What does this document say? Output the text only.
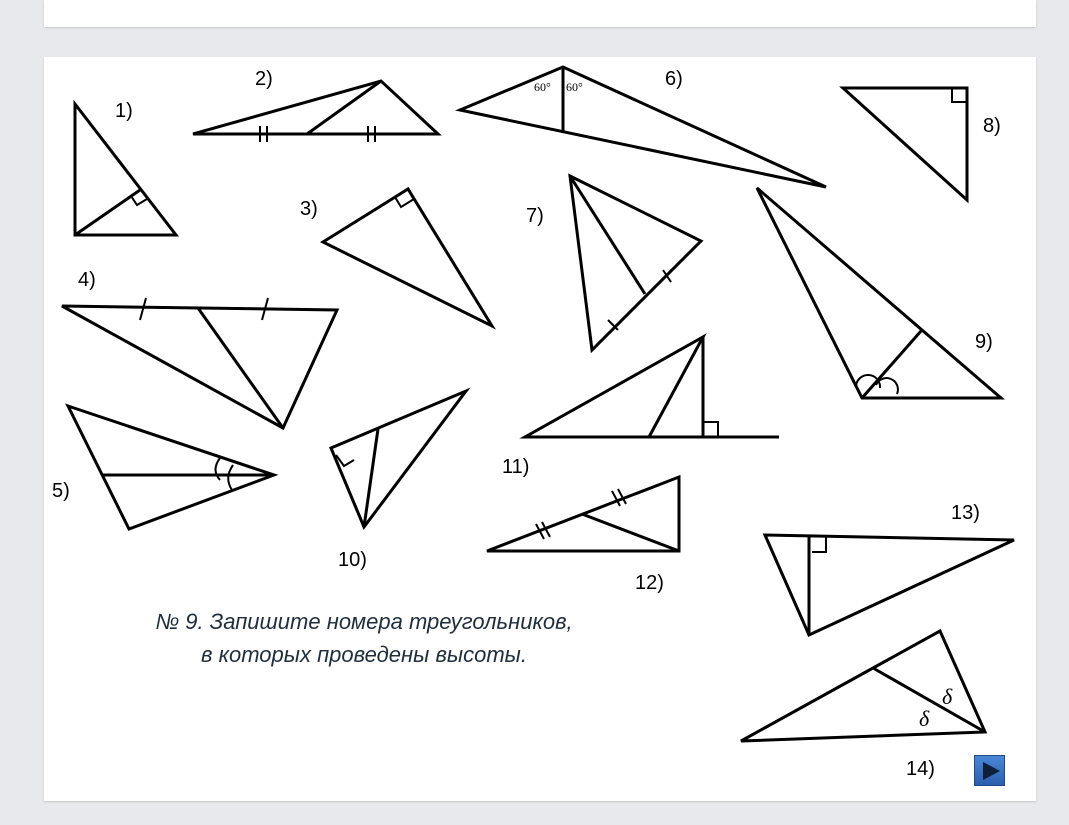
1)
2)
3)
4)
5)
60° 60°	6)
7)
8)
9)
10)
11)
12)
13)
δ
δ
14)
№ 9. Запишите номера треугольников,
в которых проведены высоты.
